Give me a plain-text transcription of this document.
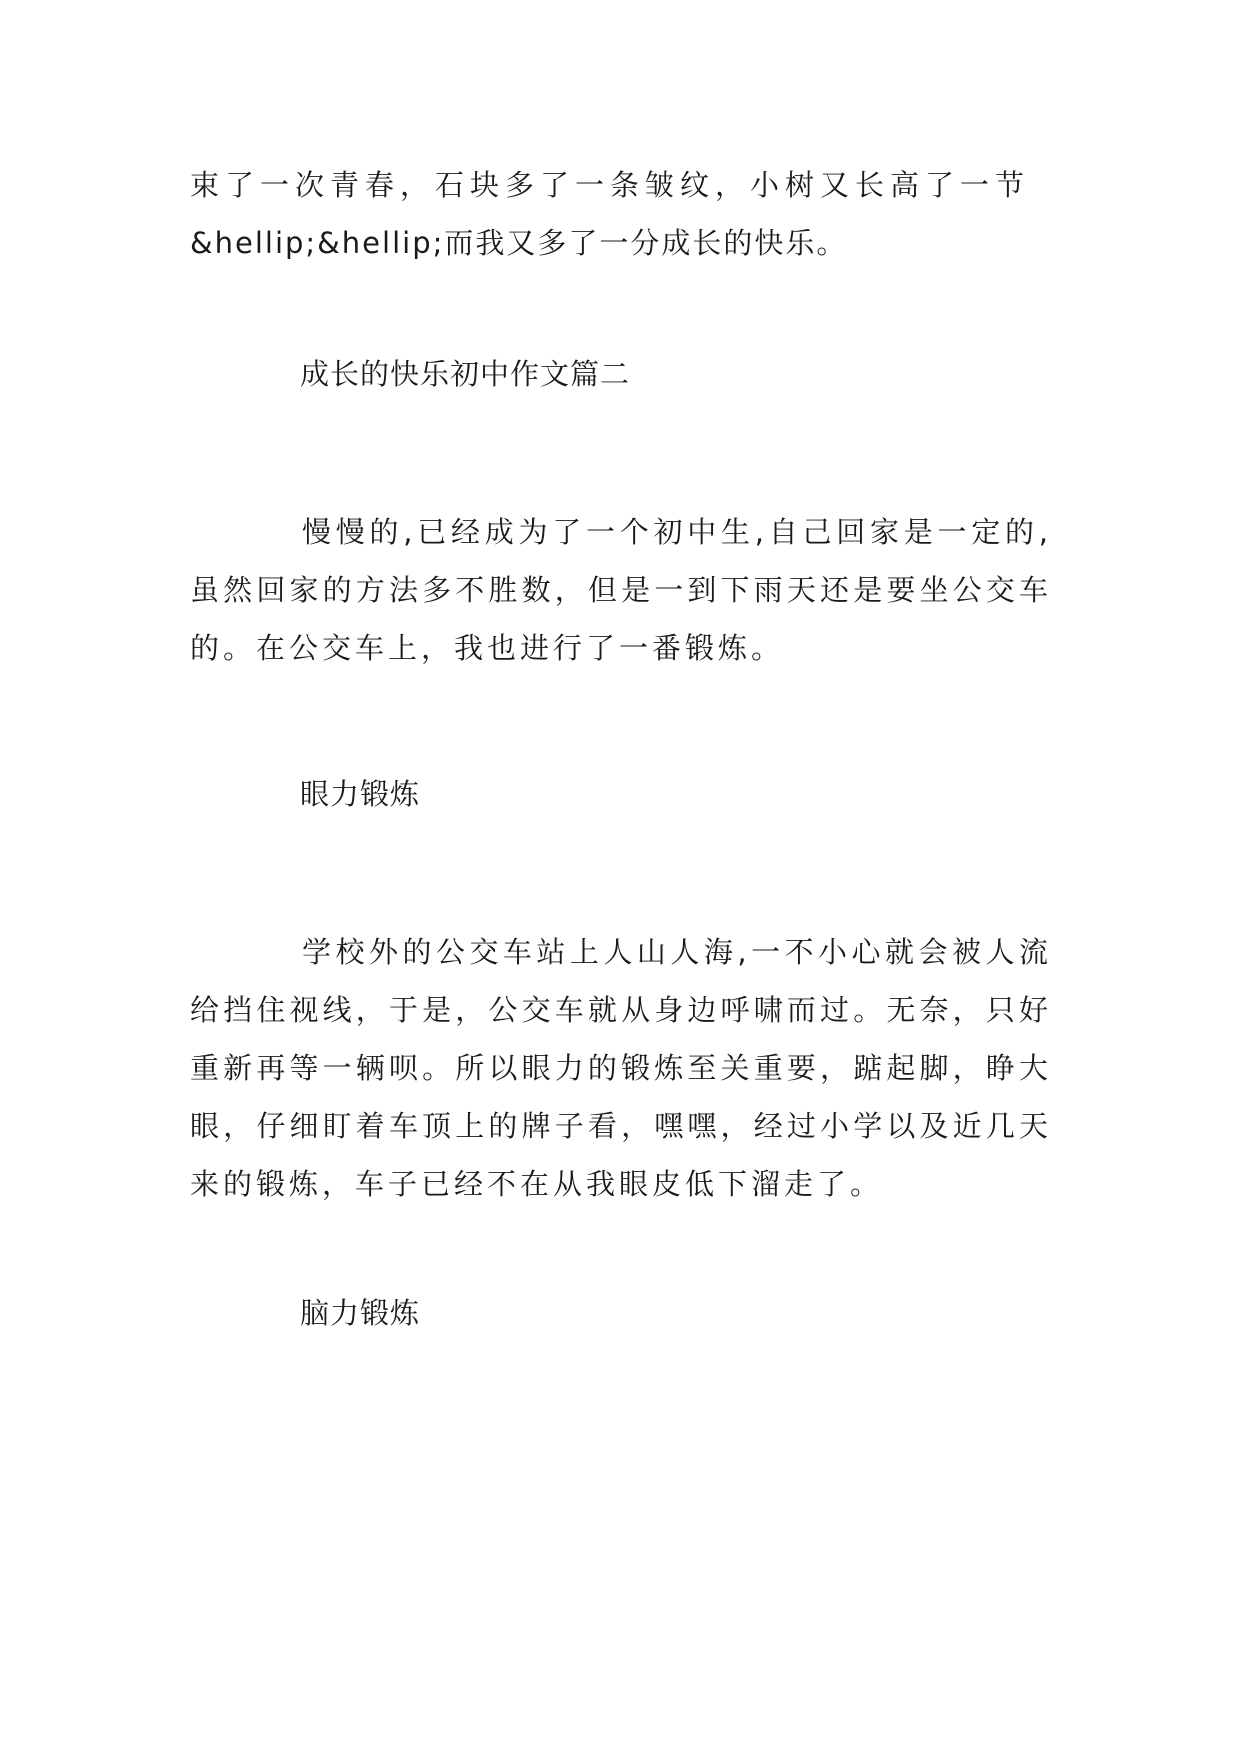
束了一次青春，石块多了一条皱纹，小树又长高了一节
&hellip;&hellip;而我又多了一分成长的快乐。

成长的快乐初中作文篇二

慢慢的,已经成为了一个初中生,自己回家是一定的,虽然回家的方法多不胜数，但是一到下雨天还是要坐公交车的。在公交车上，我也进行了一番锻炼。

眼力锻炼

学校外的公交车站上人山人海,一不小心就会被人流给挡住视线，于是，公交车就从身边呼啸而过。无奈，只好重新再等一辆呗。所以眼力的锻炼至关重要，踮起脚，睁大眼，仔细盯着车顶上的牌子看，嘿嘿，经过小学以及近几天来的锻炼，车子已经不在从我眼皮低下溜走了。

脑力锻炼
